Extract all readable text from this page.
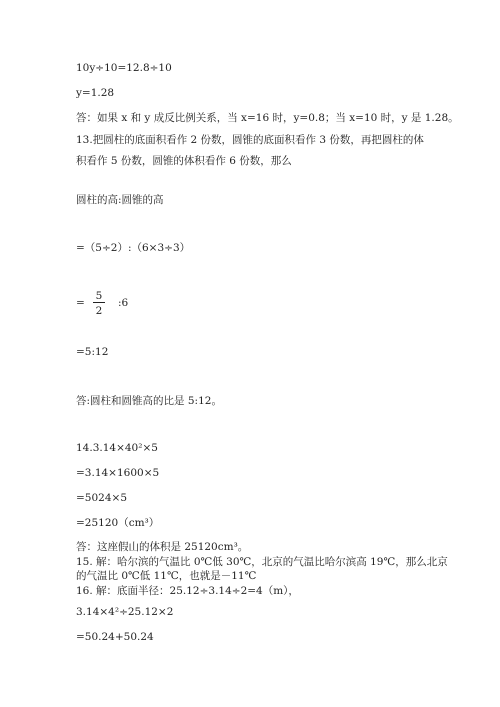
10y÷10=12.8÷10
y=1.28
答：如果 x 和 y 成反比例关系，当 x=16 时，y=0.8；当 x=10 时，y 是 1.28。
13.把圆柱的底面积看作 2 份数，圆锥的底面积看作 3 份数，再把圆柱的体积看作 5 份数，圆锥的体积看作 6 份数，那么
圆柱的高:圆锥的高
=（5÷2）:（6×3÷3）
=
5
2
:6
=5:12
答:圆柱和圆锥高的比是 5:12。
14.3.14×40²×5
=3.14×1600×5
=5024×5
=25120（cm³）
答：这座假山的体积是 25120cm³。
15. 解：哈尔滨的气温比 0℃低 30℃，北京的气温比哈尔滨高 19℃，那么北京
的气温比 0℃低 11℃，也就是－11℃
16. 解：底面半径：25.12÷3.14÷2=4（m），
3.14×4²÷25.12×2
=50.24+50.24
